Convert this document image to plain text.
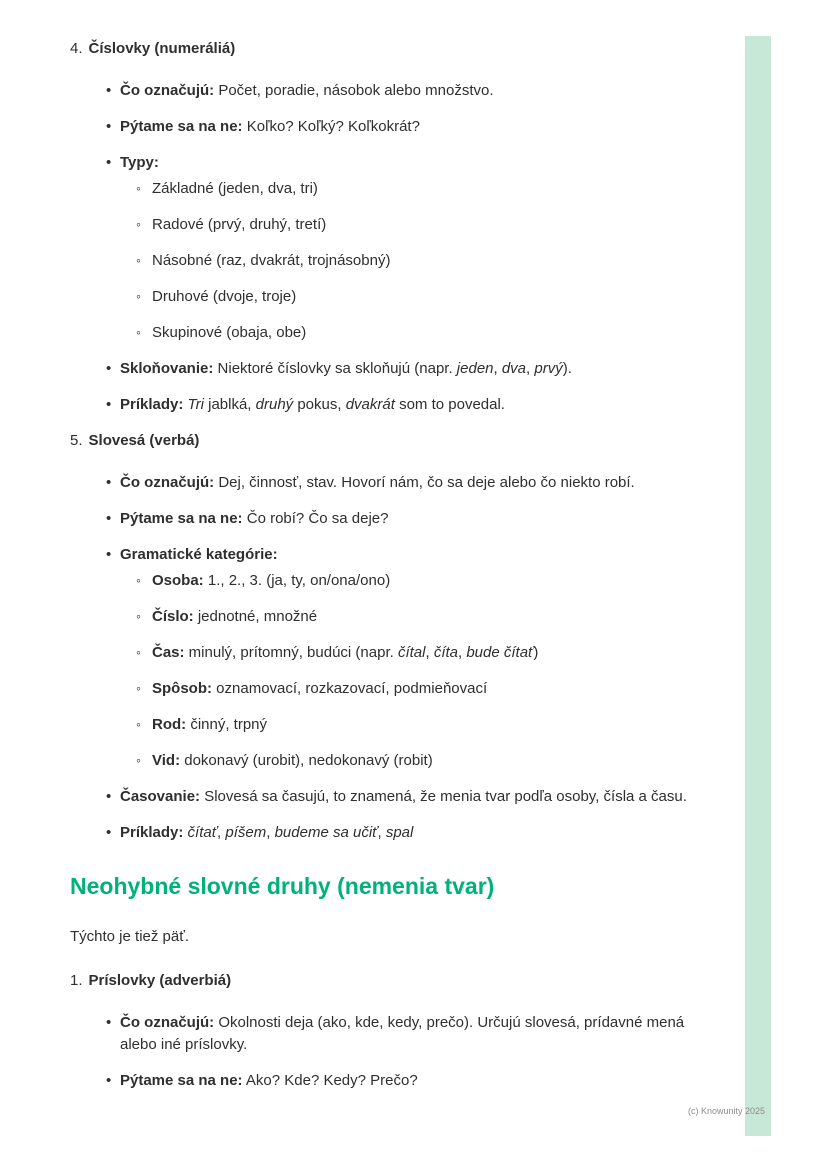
4. Číslovky (numeráliá)
• Čo označujú: Počet, poradie, násobok alebo množstvo.
• Pýtame sa na ne: Koľko? Koľký? Koľkokrát?
• Typy:
◦ Základné (jeden, dva, tri)
◦ Radové (prvý, druhý, tretí)
◦ Násobné (raz, dvakrát, trojnásobný)
◦ Druhové (dvoje, troje)
◦ Skupinové (obaja, obe)
• Skloňovanie: Niektoré číslovky sa skloňujú (napr. jeden, dva, prvý).
• Príklady: Tri jablká, druhý pokus, dvakrát som to povedal.
5. Slovesá (verbá)
• Čo označujú: Dej, činnosť, stav. Hovorí nám, čo sa deje alebo čo niekto robí.
• Pýtame sa na ne: Čo robí? Čo sa deje?
• Gramatické kategórie:
◦ Osoba: 1., 2., 3. (ja, ty, on/ona/ono)
◦ Číslo: jednotné, množné
◦ Čas: minulý, prítomný, budúci (napr. čítal, číta, bude čítať)
◦ Spôsob: oznamovací, rozkazovací, podmieňovací
◦ Rod: činný, trpný
◦ Vid: dokonavý (urobit), nedokonavý (robit)
• Časovanie: Slovesá sa časujú, to znamená, že menia tvar podľa osoby, čísla a času.
• Príklady: čítať, píšem, budeme sa učiť, spal
Neohybné slovné druhy (nemenia tvar)
Týchto je tiež päť.
1. Príslovky (adverbiá)
• Čo označujú: Okolnosti deja (ako, kde, kedy, prečo). Určujú slovesá, prídavné mená alebo iné príslovky.
• Pýtame sa na ne: Ako? Kde? Kedy? Prečo?
(c) Knowunity 2025
